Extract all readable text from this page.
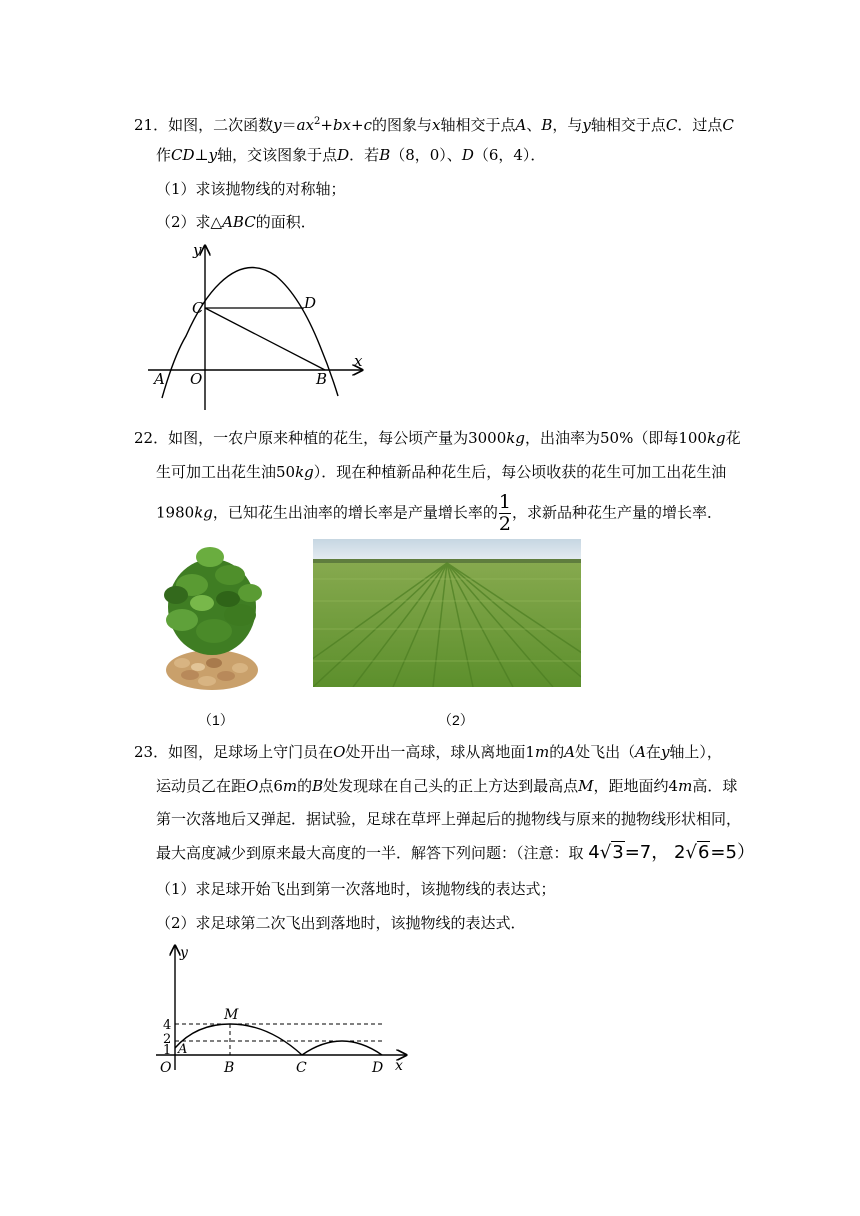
21．如图，二次函数$y=ax^2+bx+c$的图象与x轴相交于点A、B，与y轴相交于点C．过点C
作CD⊥y轴，交该图象于点D．若B（8，0）、D（6，4）．
（1）求该抛物线的对称轴；
（2）求△ABC的面积．
y
x
C	D
A O	B
22．如图，一农户原来种植的花生，每公顷产量为3000kg，出油率为50%（即每100kg花
生可加工出花生油50kg）．现在种植新品种花生后，每公顷收获的花生可加工出花生油
1980kg，已知花生出油率的增长率是产量增长率的$\frac{1}{2}$，求新品种花生产量的增长率．
（1）	（2）
23．如图，足球场上守门员在O处开出一高球，球从离地面1m的A处飞出（A在y轴上），
运动员乙在距O点6m的B处发现球在自己头的正上方达到最高点M，距地面约4m高．球
第一次落地后又弹起．据试验，足球在草坪上弹起后的抛物线与原来的抛物线形状相同，
最大高度减少到原来最大高度的一半．解答下列问题：（注意：取 4√3=7， 2√6=5）
（1）求足球开始飞出到第一次落地时，该抛物线的表达式；
（2）求足球第二次飞出到落地时，该抛物线的表达式．
y
x
M
4
2
1 A
O	B	C	D
